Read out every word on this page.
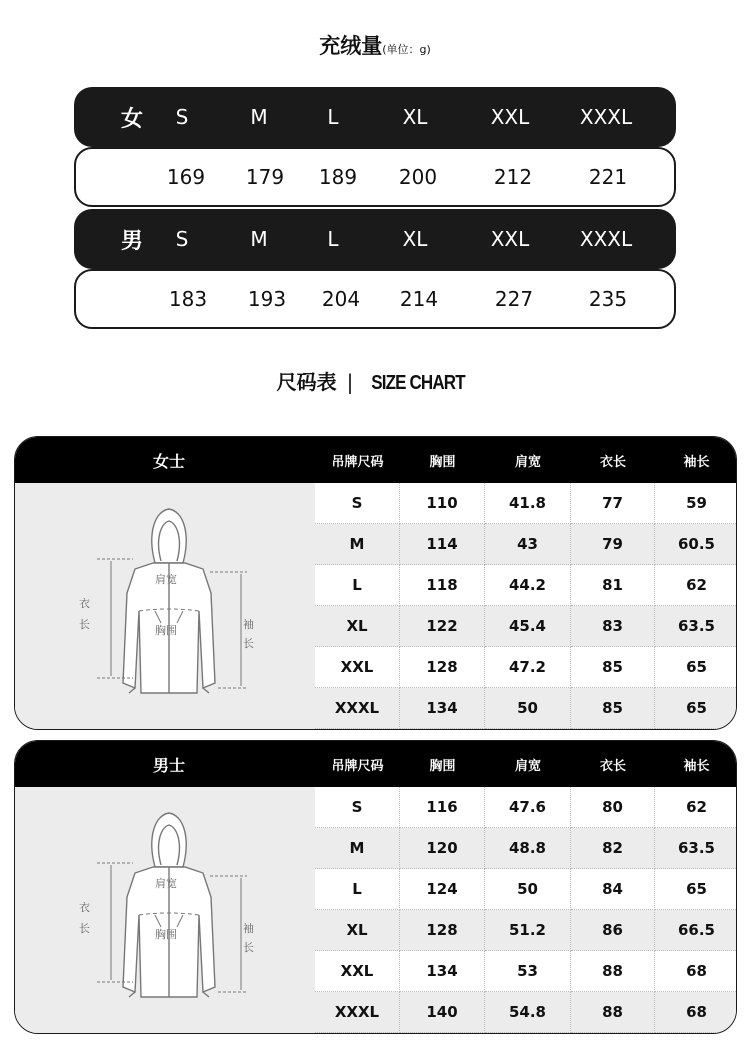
充绒量(单位：g)
女	S	M	L	XL	XXL	XXXL
169	179	189	200	212	221
男	S	M	L	XL	XXL	XXXL
183	193	204	214	227	235
尺码表 | SIZE CHART
女士	吊牌尺码	胸围	肩宽	衣长	袖长
肩宽
胸围
衣
长	袖
长
S	110	41.8	77	59
M	114	43	79	60.5
L	118	44.2	81	62
XL	122	45.4	83	63.5
XXL	128	47.2	85	65
XXXL	134	50	85	65
男士	吊牌尺码	胸围	肩宽	衣长	袖长
肩宽
胸围
衣
长	袖
长
S	116	47.6	80	62
M	120	48.8	82	63.5
L	124	50	84	65
XL	128	51.2	86	66.5
XXL	134	53	88	68
XXXL	140	54.8	88	68
